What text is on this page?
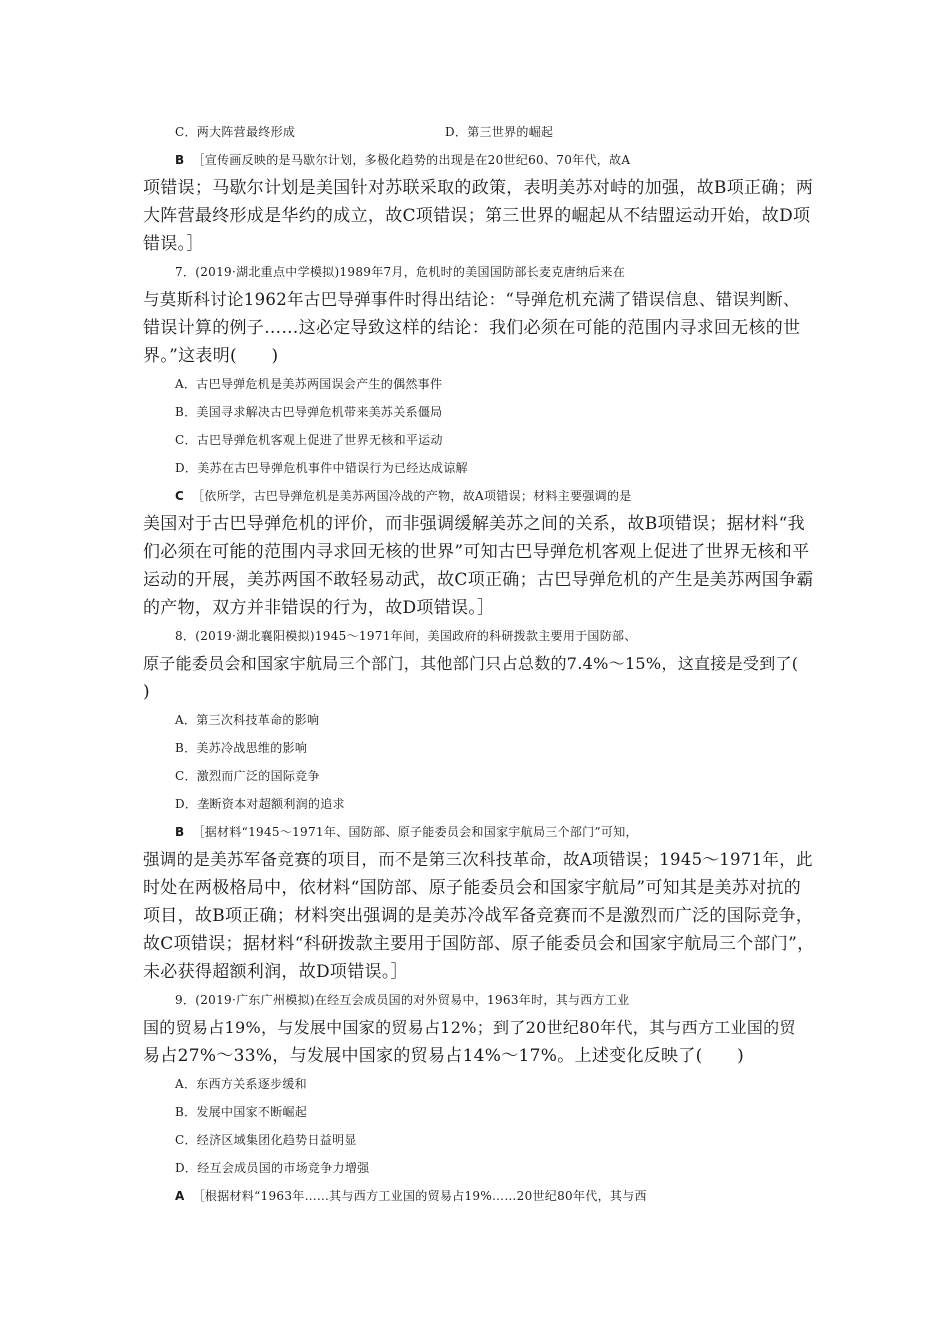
C．两大阵营最终形成	D．第三世界的崛起
B ［宣传画反映的是马歇尔计划，多极化趋势的出现是在20世纪60、70年代，故A
项错误；马歇尔计划是美国针对苏联采取的政策，表明美苏对峙的加强，故B项正确；两
大阵营最终形成是华约的成立，故C项错误；第三世界的崛起从不结盟运动开始，故D项
错误。］
7．(2019·湖北重点中学模拟)1989年7月，危机时的美国国防部长麦克唐纳后来在
与莫斯科讨论1962年古巴导弹事件时得出结论：“导弹危机充满了错误信息、错误判断、
错误计算的例子……这必定导致这样的结论：我们必须在可能的范围内寻求回无核的世
界。”这表明(　　)
A．古巴导弹危机是美苏两国误会产生的偶然事件
B．美国寻求解决古巴导弹危机带来美苏关系僵局
C．古巴导弹危机客观上促进了世界无核和平运动
D．美苏在古巴导弹危机事件中错误行为已经达成谅解
C ［依所学，古巴导弹危机是美苏两国冷战的产物，故A项错误；材料主要强调的是
美国对于古巴导弹危机的评价，而非强调缓解美苏之间的关系，故B项错误；据材料“我
们必须在可能的范围内寻求回无核的世界”可知古巴导弹危机客观上促进了世界无核和平
运动的开展，美苏两国不敢轻易动武，故C项正确；古巴导弹危机的产生是美苏两国争霸
的产物，双方并非错误的行为，故D项错误。］
8．(2019·湖北襄阳模拟)1945～1971年间，美国政府的科研拨款主要用于国防部、
原子能委员会和国家宇航局三个部门，其他部门只占总数的7.4%～15%，这直接是受到了(
)
A．第三次科技革命的影响
B．美苏冷战思维的影响
C．激烈而广泛的国际竞争
D．垄断资本对超额利润的追求
B ［据材料“1945～1971年、国防部、原子能委员会和国家宇航局三个部门”可知，
强调的是美苏军备竞赛的项目，而不是第三次科技革命，故A项错误；1945～1971年，此
时处在两极格局中，依材料“国防部、原子能委员会和国家宇航局”可知其是美苏对抗的
项目，故B项正确；材料突出强调的是美苏冷战军备竞赛而不是激烈而广泛的国际竞争，
故C项错误；据材料“科研拨款主要用于国防部、原子能委员会和国家宇航局三个部门”，
未必获得超额利润，故D项错误。］
9．(2019·广东广州模拟)在经互会成员国的对外贸易中，1963年时，其与西方工业
国的贸易占19%，与发展中国家的贸易占12%；到了20世纪80年代，其与西方工业国的贸
易占27%～33%，与发展中国家的贸易占14%～17%。上述变化反映了(　　)
A．东西方关系逐步缓和
B．发展中国家不断崛起
C．经济区域集团化趋势日益明显
D．经互会成员国的市场竞争力增强
A ［根据材料“1963年……其与西方工业国的贸易占19%……20世纪80年代，其与西
